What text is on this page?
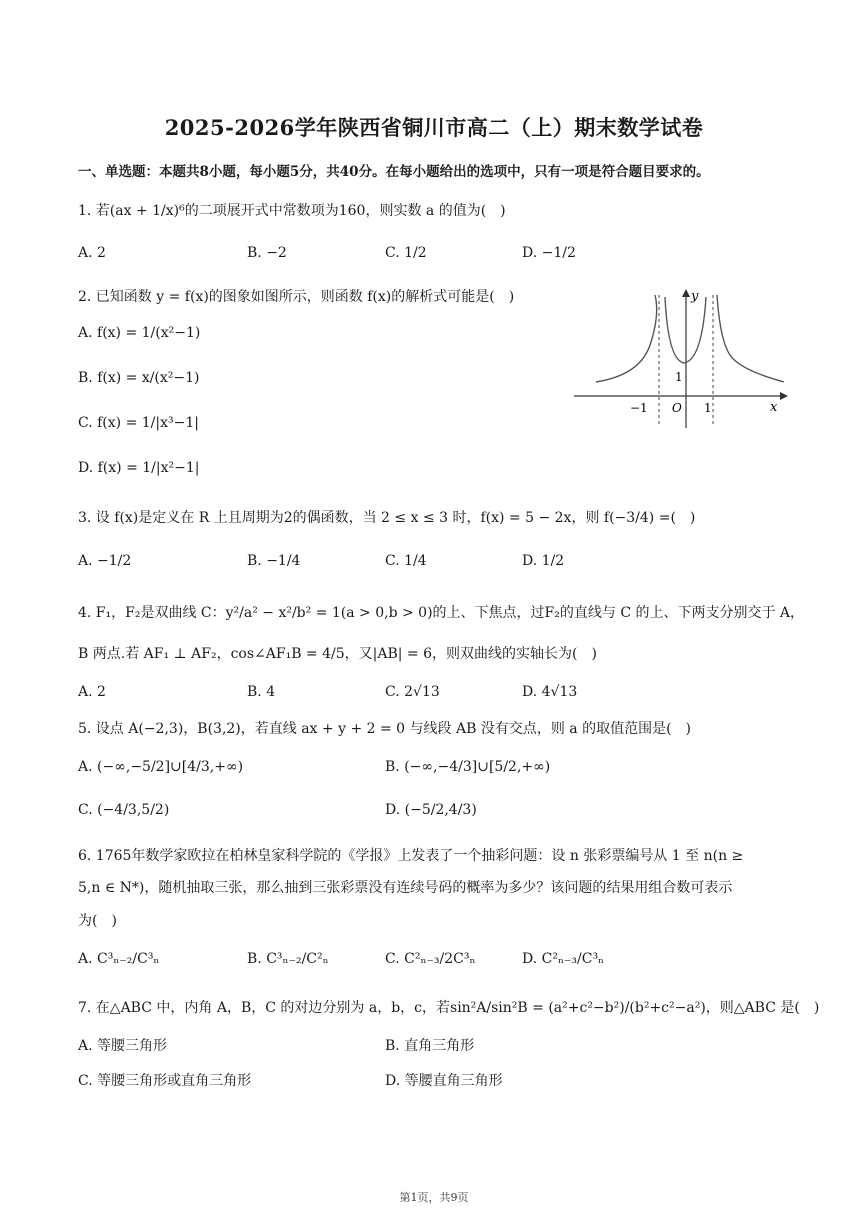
2025-2026学年陕西省铜川市高二（上）期末数学试卷
一、单选题：本题共8小题，每小题5分，共40分。在每小题给出的选项中，只有一项是符合题目要求的。
1. 若(ax + 1/x)⁶的二项展开式中常数项为160，则实数 a 的值为(　)
A. 2	B. −2	C. 1/2	D. −1/2
2. 已知函数 y = f(x)的图象如图所示，则函数 f(x)的解析式可能是(　)
A. f(x) = 1/(x²−1)
B. f(x) = x/(x²−1)
C. f(x) = 1/|x³−1|
D. f(x) = 1/|x²−1|
y
x
O
−1	1
1
3. 设 f(x)是定义在 R 上且周期为2的偶函数，当 2 ≤ x ≤ 3 时，f(x) = 5 − 2x，则 f(−3/4) =(　)
A. −1/2	B. −1/4	C. 1/4	D. 1/2
4. F₁，F₂是双曲线 C：y²/a² − x²/b² = 1(a > 0,b > 0)的上、下焦点，过F₂的直线与 C 的上、下两支分别交于 A，
B 两点.若 AF₁ ⊥ AF₂，cos∠AF₁B = 4/5，又|AB| = 6，则双曲线的实轴长为(　)
A. 2	B. 4	C. 2√13	D. 4√13
5. 设点 A(−2,3)，B(3,2)，若直线 ax + y + 2 = 0 与线段 AB 没有交点，则 a 的取值范围是(　)
A. (−∞,−5/2]∪[4/3,+∞)	B. (−∞,−4/3]∪[5/2,+∞)
C. (−4/3,5/2)	D. (−5/2,4/3)
6. 1765年数学家欧拉在柏林皇家科学院的《学报》上发表了一个抽彩问题：设 n 张彩票编号从 1 至 n(n ≥
5,n ∈ N*)，随机抽取三张，那么抽到三张彩票没有连续号码的概率为多少？该问题的结果用组合数可表示
为(　)
A. C³ₙ₋₂/C³ₙ	B. C³ₙ₋₂/C²ₙ	C. C²ₙ₋₃/2C³ₙ	D. C²ₙ₋₃/C³ₙ
7. 在△ABC 中，内角 A，B，C 的对边分别为 a，b，c，若sin²A/sin²B = (a²+c²−b²)/(b²+c²−a²)，则△ABC 是(　)
A. 等腰三角形	B. 直角三角形
C. 等腰三角形或直角三角形	D. 等腰直角三角形
第1页，共9页
